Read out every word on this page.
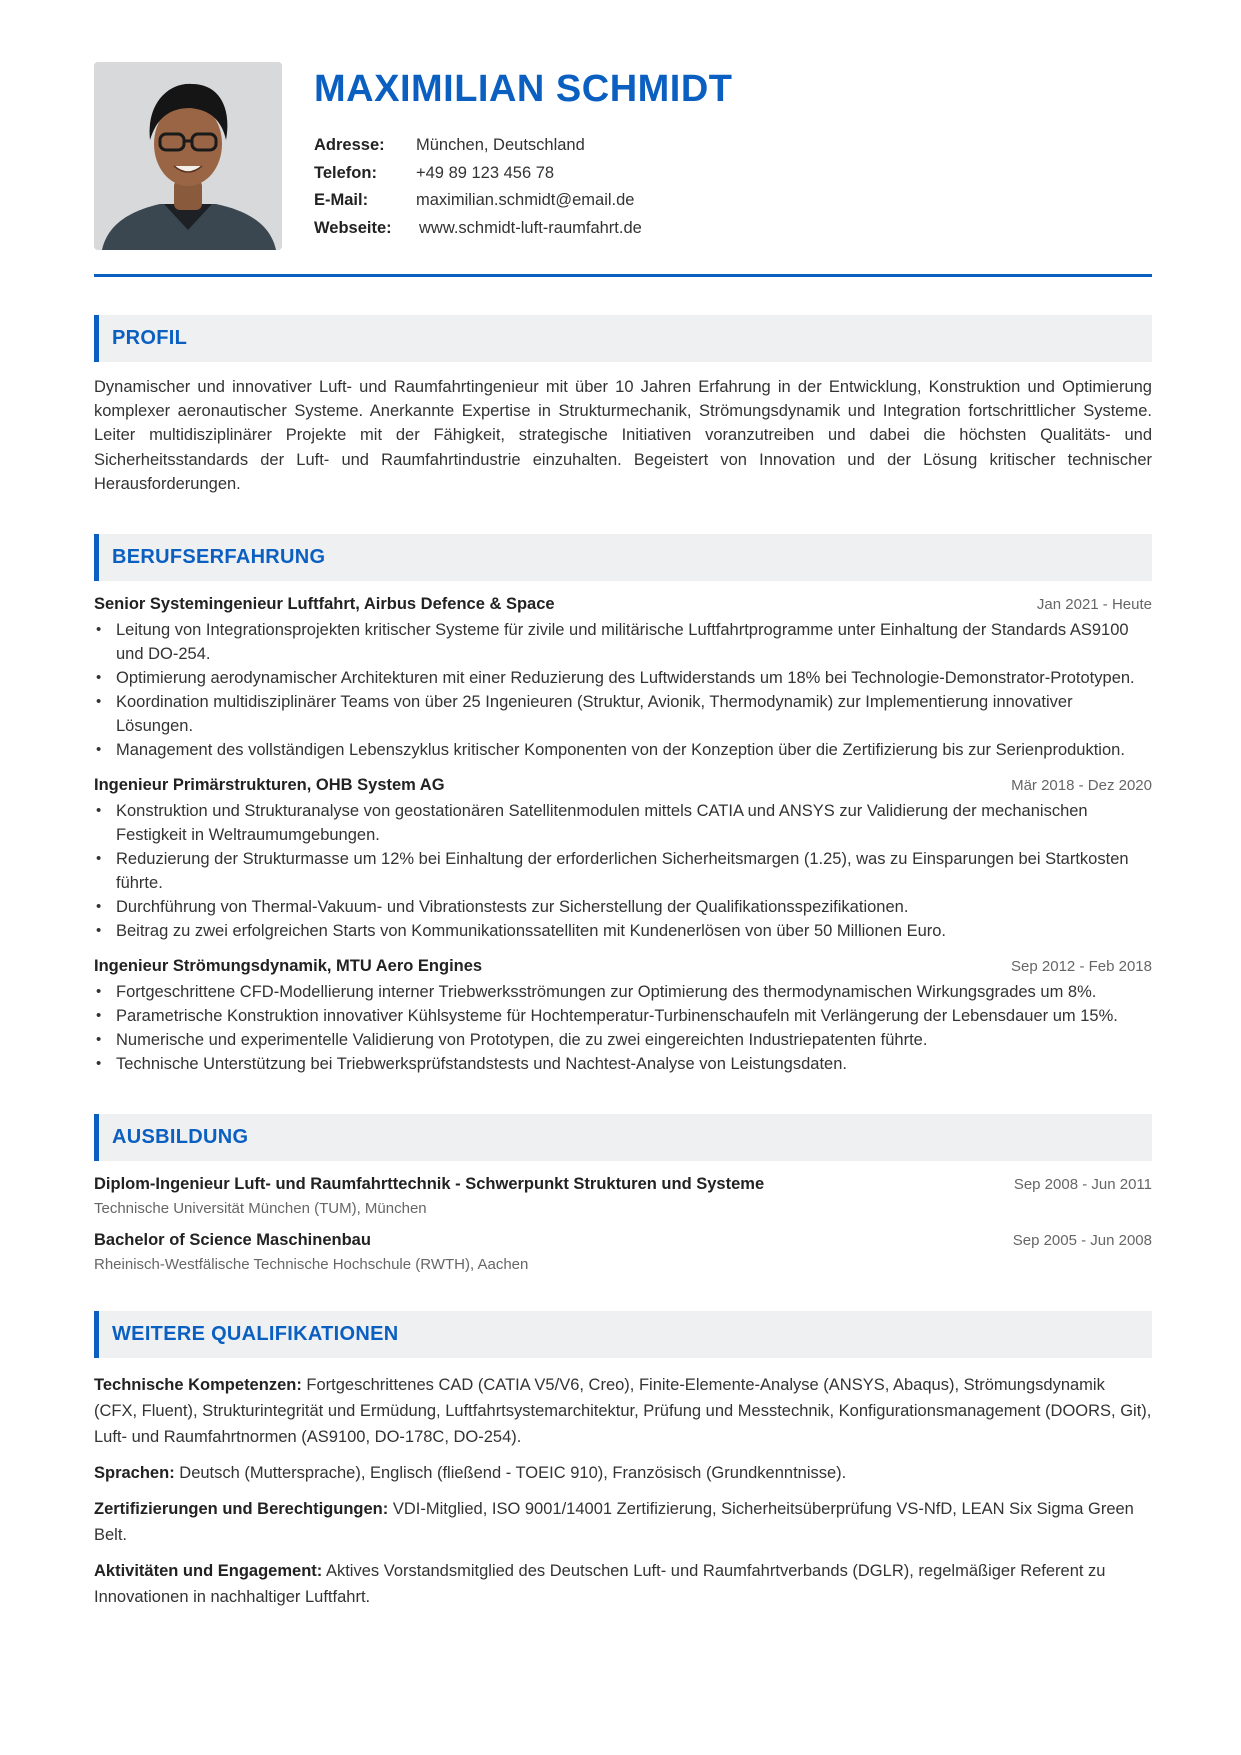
MAXIMILIAN SCHMIDT
Adresse:	München, Deutschland
Telefon:	+49 89 123 456 78
E-Mail:	maximilian.schmidt@email.de
Webseite:	www.schmidt-luft-raumfahrt.de
PROFIL

Dynamischer und innovativer Luft- und Raumfahrtingenieur mit über 10 Jahren Erfahrung in der Entwicklung, Konstruktion und Optimierung komplexer aeronautischer Systeme. Anerkannte Expertise in Strukturmechanik, Strömungsdynamik und Integration fortschrittlicher Systeme. Leiter multidisziplinärer Projekte mit der Fähigkeit, strategische Initiativen voranzutreiben und dabei die höchsten Qualitäts- und Sicherheitsstandards der Luft- und Raumfahrtindustrie einzuhalten. Begeistert von Innovation und der Lösung kritischer technischer Herausforderungen.

BERUFSERFAHRUNG
Senior Systemingenieur Luftfahrt, Airbus Defence & Space	Jan 2021 - Heute
• Leitung von Integrationsprojekten kritischer Systeme für zivile und militärische Luftfahrtprogramme unter Einhaltung der Standards AS9100 und DO-254.
• Optimierung aerodynamischer Architekturen mit einer Reduzierung des Luftwiderstands um 18% bei Technologie-Demonstrator-Prototypen.
• Koordination multidisziplinärer Teams von über 25 Ingenieuren (Struktur, Avionik, Thermodynamik) zur Implementierung innovativer Lösungen.
• Management des vollständigen Lebenszyklus kritischer Komponenten von der Konzeption über die Zertifizierung bis zur Serienproduktion.
Ingenieur Primärstrukturen, OHB System AG	Mär 2018 - Dez 2020
• Konstruktion und Strukturanalyse von geostationären Satellitenmodulen mittels CATIA und ANSYS zur Validierung der mechanischen Festigkeit in Weltraumumgebungen.
• Reduzierung der Strukturmasse um 12% bei Einhaltung der erforderlichen Sicherheitsmargen (1.25), was zu Einsparungen bei Startkosten führte.
• Durchführung von Thermal-Vakuum- und Vibrationstests zur Sicherstellung der Qualifikationsspezifikationen.
• Beitrag zu zwei erfolgreichen Starts von Kommunikationssatelliten mit Kundenerlösen von über 50 Millionen Euro.
Ingenieur Strömungsdynamik, MTU Aero Engines	Sep 2012 - Feb 2018
• Fortgeschrittene CFD-Modellierung interner Triebwerksströmungen zur Optimierung des thermodynamischen Wirkungsgrades um 8%.
• Parametrische Konstruktion innovativer Kühlsysteme für Hochtemperatur-Turbinenschaufeln mit Verlängerung der Lebensdauer um 15%.
• Numerische und experimentelle Validierung von Prototypen, die zu zwei eingereichten Industriepatenten führte.
• Technische Unterstützung bei Triebwerksprüfstandstests und Nachtest-Analyse von Leistungsdaten.
AUSBILDUNG
Diplom-Ingenieur Luft- und Raumfahrttechnik - Schwerpunkt Strukturen und Systeme	Sep 2008 - Jun 2011
Technische Universität München (TUM), München
Bachelor of Science Maschinenbau	Sep 2005 - Jun 2008
Rheinisch-Westfälische Technische Hochschule (RWTH), Aachen
WEITERE QUALIFIKATIONEN

Technische Kompetenzen: Fortgeschrittenes CAD (CATIA V5/V6, Creo), Finite-Elemente-Analyse (ANSYS, Abaqus), Strömungsdynamik (CFX, Fluent), Strukturintegrität und Ermüdung, Luftfahrtsystemarchitektur, Prüfung und Messtechnik, Konfigurationsmanagement (DOORS, Git), Luft- und Raumfahrtnormen (AS9100, DO-178C, DO-254).

Sprachen: Deutsch (Muttersprache), Englisch (fließend - TOEIC 910), Französisch (Grundkenntnisse).

Zertifizierungen und Berechtigungen: VDI-Mitglied, ISO 9001/14001 Zertifizierung, Sicherheitsüberprüfung VS-NfD, LEAN Six Sigma Green Belt.

Aktivitäten und Engagement: Aktives Vorstandsmitglied des Deutschen Luft- und Raumfahrtverbands (DGLR), regelmäßiger Referent zu Innovationen in nachhaltiger Luftfahrt.
